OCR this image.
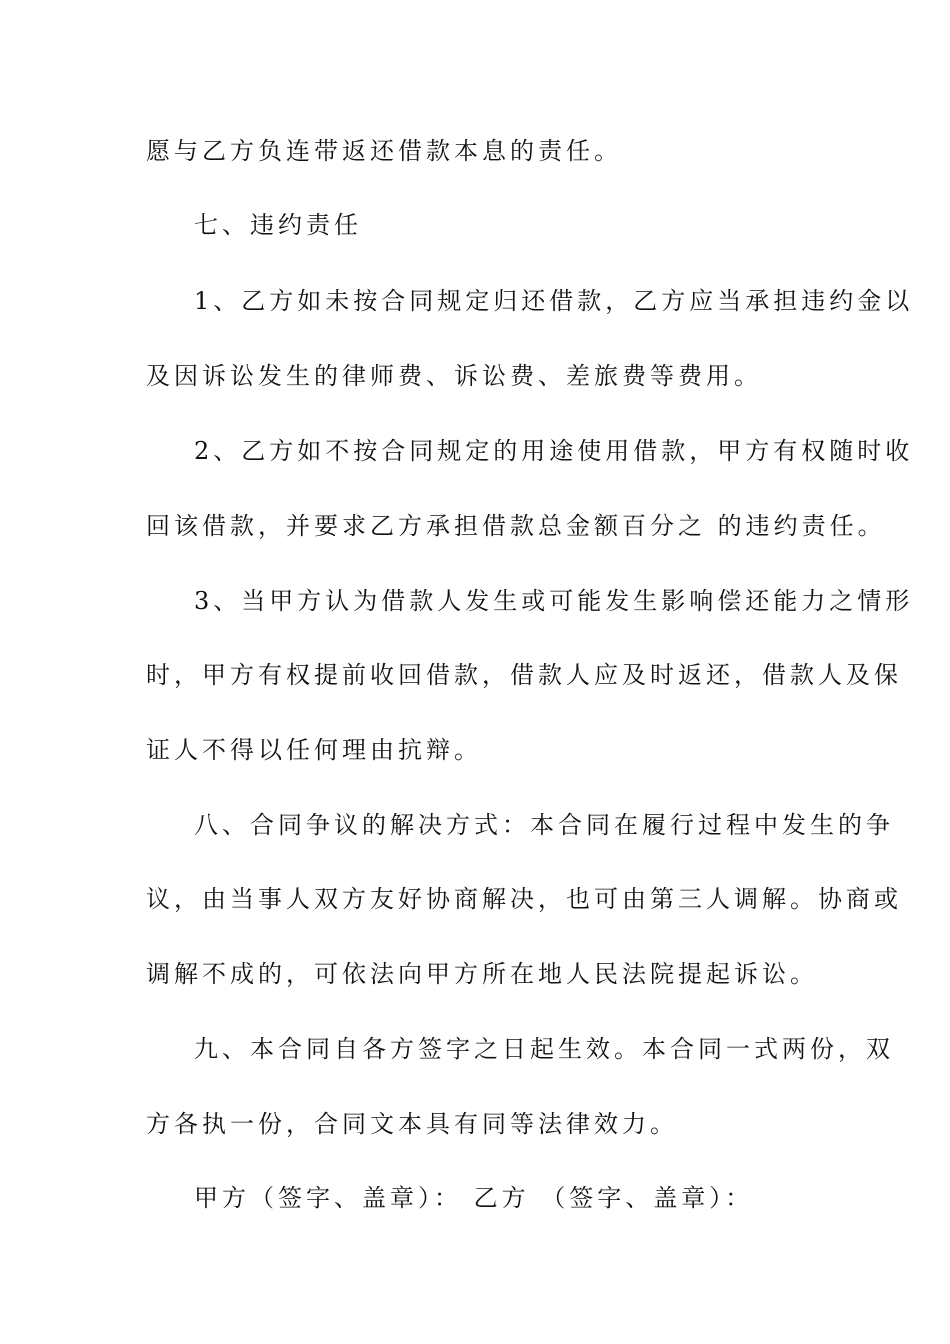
愿与乙方负连带返还借款本息的责任。
七、违约责任
1、乙方如未按合同规定归还借款，乙方应当承担违约金以
及因诉讼发生的律师费、诉讼费、差旅费等费用。
2、乙方如不按合同规定的用途使用借款，甲方有权随时收
回该借款，并要求乙方承担借款总金额百分之 的违约责任。
3、当甲方认为借款人发生或可能发生影响偿还能力之情形
时，甲方有权提前收回借款，借款人应及时返还，借款人及保
证人不得以任何理由抗辩。
八、合同争议的解决方式：本合同在履行过程中发生的争
议，由当事人双方友好协商解决，也可由第三人调解。协商或
调解不成的，可依法向甲方所在地人民法院提起诉讼。
九、本合同自各方签字之日起生效。本合同一式两份，双
方各执一份，合同文本具有同等法律效力。
甲方（签字、盖章）： 乙方 （签字、盖章）：
